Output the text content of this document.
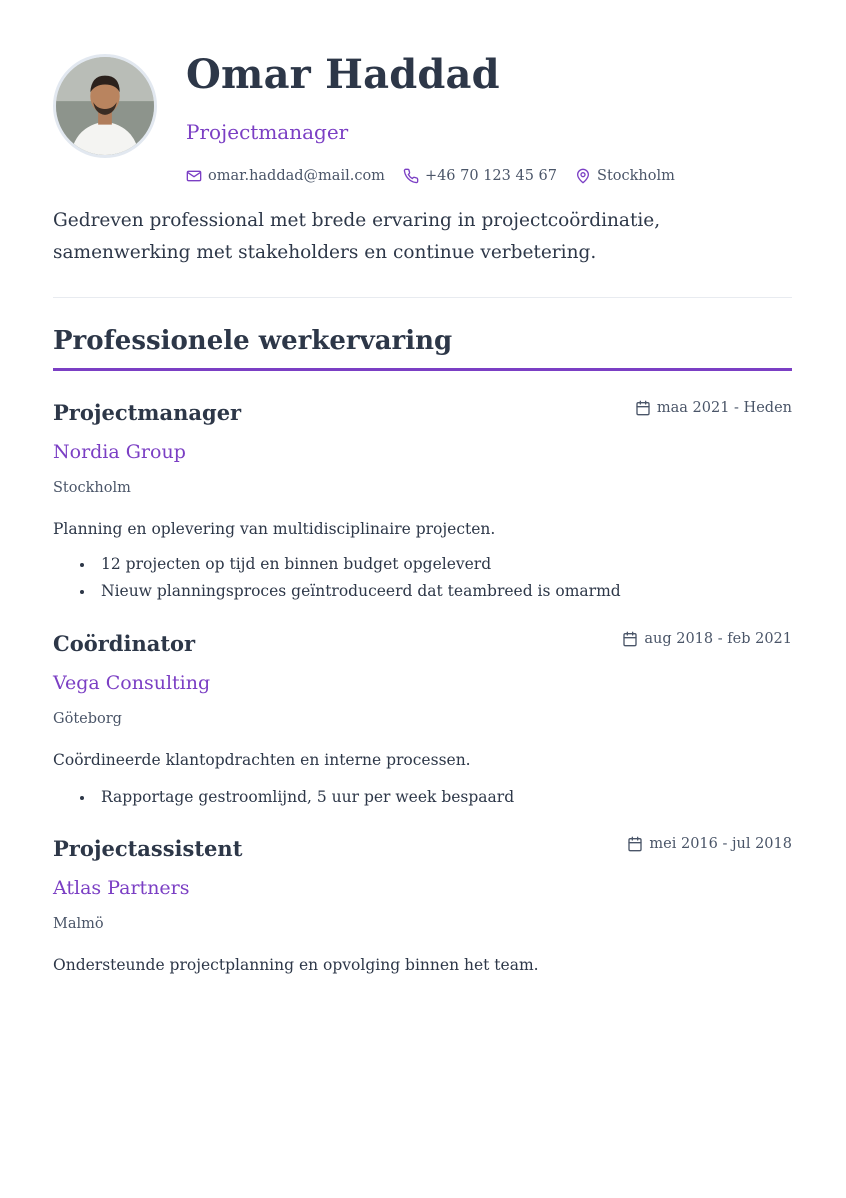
Omar Haddad
Projectmanager
omar.haddad@mail.com	+46 70 123 45 67	Stockholm

Gedreven professional met brede ervaring in projectcoördinatie, samenwerking met stakeholders en continue verbetering.

Professionele werkervaring
Projectmanager	maa 2021 - Heden
Nordia Group
Stockholm

Planning en oplevering van multidisciplinaire projecten.

12 projecten op tijd en binnen budget opgeleverd
Nieuw planningsproces geïntroduceerd dat teambreed is omarmd
Coördinator	aug 2018 - feb 2021
Vega Consulting
Göteborg

Coördineerde klantopdrachten en interne processen.

Rapportage gestroomlijnd, 5 uur per week bespaard
Projectassistent	mei 2016 - jul 2018
Atlas Partners
Malmö

Ondersteunde projectplanning en opvolging binnen het team.
